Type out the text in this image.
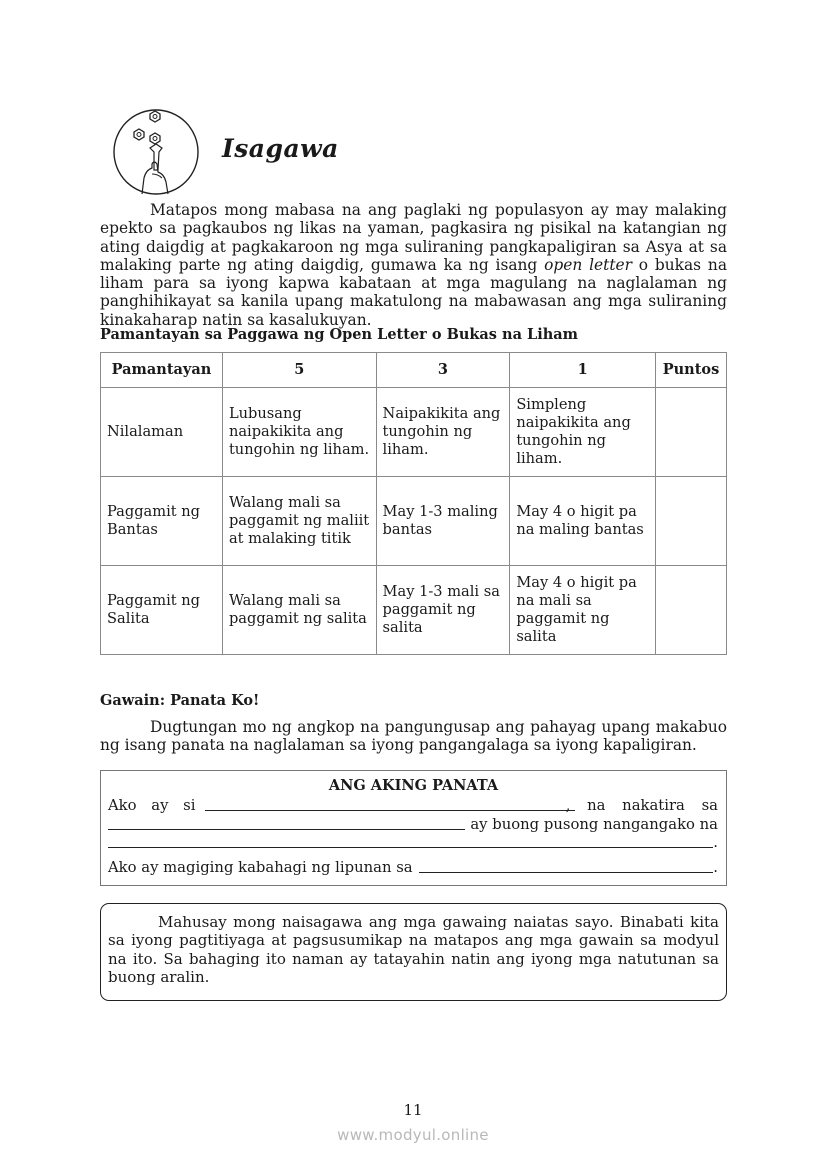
Isagawa
Matapos mong mabasa na ang paglaki ng populasyon ay may malaking epekto sa pagkaubos ng likas na yaman, pagkasira ng pisikal na katangian ng ating daigdig at pagkakaroon ng mga suliraning pangkapaligiran sa Asya at sa malaking parte ng ating daigdig, gumawa ka ng isang open letter o bukas na liham para sa iyong kapwa kabataan at mga magulang na naglalaman ng panghihikayat sa kanila upang makatulong na mabawasan ang mga suliraning kinakaharap natin sa kasalukuyan.
Pamantayan sa Paggawa ng Open Letter o Bukas na Liham
Pamantayan	5	3	1	Puntos
Nilalaman	Lubusang naipakikita ang tungohin ng liham.	Naipakikita ang tungohin ng liham.	Simpleng naipakikita ang tungohin ng liham.	
Paggamit ng Bantas	Walang mali sa paggamit ng maliit at malaking titik	May 1-3 maling bantas	May 4 o higit pa na maling bantas	
Paggamit ng Salita	Walang mali sa paggamit ng salita	May 1-3 mali sa paggamit ng salita	May 4 o higit pa na mali sa paggamit ng salita	
Gawain: Panata Ko!
Dugtungan mo ng angkop na pangungusap ang pahayag upang makabuo ng isang panata na naglalaman sa iyong pangangalaga sa iyong kapaligiran.
ANG AKING PANATA
Ako ay si	, na nakatira sa
ay buong pusong nangangako na
.
Ako ay magiging kabahagi ng lipunan sa	.
Mahusay mong naisagawa ang mga gawaing naiatas sayo. Binabati kita sa iyong pagtitiyaga at pagsusumikap na matapos ang mga gawain sa modyul na ito. Sa bahaging ito naman ay tatayahin natin ang iyong mga natutunan sa buong aralin.
11
www.modyul.online
